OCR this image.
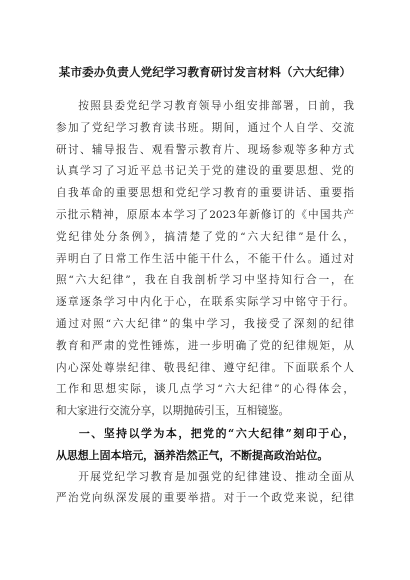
某市委办负责人党纪学习教育研讨发言材料（六大纪律）
按照县委党纪学习教育领导小组安排部署，日前，我
参加了党纪学习教育读书班。期间，通过个人自学、交流
研讨、辅导报告、观看警示教育片、现场参观等多种方式
认真学习了习近平总书记关于党的建设的重要思想、党的
自我革命的重要思想和党纪学习教育的重要讲话、重要指
示批示精神，原原本本学习了2023年新修订的《中国共产
党纪律处分条例》，搞清楚了党的“六大纪律”是什么，
弄明白了日常工作生活中能干什么，不能干什么。通过对
照“六大纪律”，我在自我剖析学习中坚持知行合一，在
逐章逐条学习中内化于心，在联系实际学习中铭守于行。
通过对照“六大纪律”的集中学习，我接受了深刻的纪律
教育和严肃的党性锤炼，进一步明确了党的纪律规矩，从
内心深处尊崇纪律、敬畏纪律、遵守纪律。下面联系个人
工作和思想实际，谈几点学习“六大纪律”的心得体会，
和大家进行交流分享，以期抛砖引玉，互相镜鉴。
一、坚持以学为本，把党的“六大纪律”刻印于心，
从思想上固本培元，涵养浩然正气，不断提高政治站位。
开展党纪学习教育是加强党的纪律建设、推动全面从
严治党向纵深发展的重要举措。对于一个政党来说，纪律
